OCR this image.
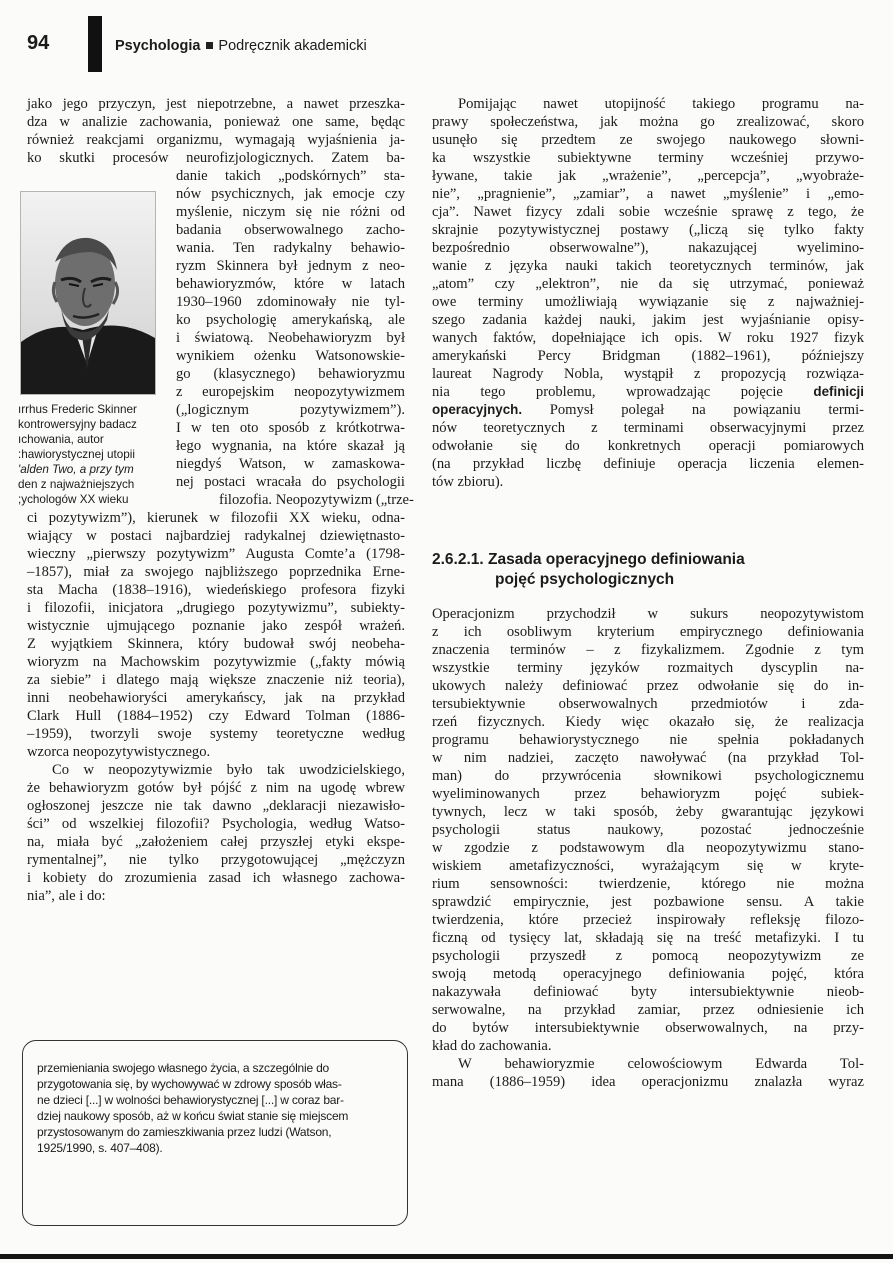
94	Psychologia Podręcznik akademicki
ırrhus Frederic Skinner
kontrowersyjny badacz
ıchowania, autor
:hawiorystycznej utopii
'alden Two, a przy tym
den z najważniejszych
;ychologów XX wieku
jako jego przyczyn, jest niepotrzebne, a nawet przeszka-
dza w analizie zachowania, ponieważ one same, będąc
również reakcjami organizmu, wymagają wyjaśnienia ja-
ko skutki procesów neurofizjologicznych. Zatem ba-
danie takich „podskórnych” sta-
nów psychicznych, jak emocje czy
myślenie, niczym się nie różni od
badania obserwowalnego zacho-
wania. Ten radykalny behawio-
ryzm Skinnera był jednym z neo-
behawioryzmów, które w latach
1930–1960 zdominowały nie tyl-
ko psychologię amerykańską, ale
i światową. Neobehawioryzm był
wynikiem ożenku Watsonowskie-
go (klasycznego) behawioryzmu
z europejskim neopozytywizmem
(„logicznym pozytywizmem”).
I w ten oto sposób z krótkotrwa-
łego wygnania, na które skazał ją
niegdyś Watson, w zamaskowa-
nej postaci wracała do psychologii
filozofia. Neopozytywizm („trze-
ci pozytywizm”), kierunek w filozofii XX wieku, odna-
wiający w postaci najbardziej radykalnej dziewiętnasto-
wieczny „pierwszy pozytywizm” Augusta Comte’a (1798-
–1857), miał za swojego najbliższego poprzednika Erne-
sta Macha (1838–1916), wiedeńskiego profesora fizyki
i filozofii, inicjatora „drugiego pozytywizmu”, subiekty-
wistycznie ujmującego poznanie jako zespół wrażeń.
Z wyjątkiem Skinnera, który budował swój neobeha-
wioryzm na Machowskim pozytywizmie („fakty mówią
za siebie” i dlatego mają większe znaczenie niż teoria),
inni neobehawioryści amerykańscy, jak na przykład
Clark Hull (1884–1952) czy Edward Tolman (1886-
–1959), tworzyli swoje systemy teoretyczne według
wzorca neopozytywistycznego.
Co w neopozytywizmie było tak uwodzicielskiego,
że behawioryzm gotów był pójść z nim na ugodę wbrew
ogłoszonej jeszcze nie tak dawno „deklaracji niezawisło-
ści” od wszelkiej filozofii? Psychologia, według Watso-
na, miała być „założeniem całej przyszłej etyki ekspe-
rymentalnej”, nie tylko przygotowującej „mężczyzn
i kobiety do zrozumienia zasad ich własnego zachowa-
nia”, ale i do:
przemieniania swojego własnego życia, a szczególnie do
przygotowania się, by wychowywać w zdrowy sposób włas-
ne dzieci [...] w wolności behawiorystycznej [...] w coraz bar-
dziej naukowy sposób, aż w końcu świat stanie się miejscem
przystosowanym do zamieszkiwania przez ludzi (Watson,
1925/1990, s. 407–408).
Pomijając nawet utopijność takiego programu na-
prawy społeczeństwa, jak można go zrealizować, skoro
usunęło się przedtem ze swojego naukowego słowni-
ka wszystkie subiektywne terminy wcześniej przywo-
ływane, takie jak „wrażenie”, „percepcja”, „wyobraże-
nie”, „pragnienie”, „zamiar”, a nawet „myślenie” i „emo-
cja”. Nawet fizycy zdali sobie wcześnie sprawę z tego, że
skrajnie pozytywistycznej postawy („liczą się tylko fakty
bezpośrednio obserwowalne”), nakazującej wyelimino-
wanie z języka nauki takich teoretycznych terminów, jak
„atom” czy „elektron”, nie da się utrzymać, ponieważ
owe terminy umożliwiają wywiązanie się z najważniej-
szego zadania każdej nauki, jakim jest wyjaśnianie opisy-
wanych faktów, dopełniające ich opis. W roku 1927 fizyk
amerykański Percy Bridgman (1882–1961), późniejszy
laureat Nagrody Nobla, wystąpił z propozycją rozwiąza-
nia tego problemu, wprowadzając pojęcie definicji
operacyjnych. Pomysł polegał na powiązaniu termi-
nów teoretycznych z terminami obserwacyjnymi przez
odwołanie się do konkretnych operacji pomiarowych
(na przykład liczbę definiuje operacja liczenia elemen-
tów zbioru).
2.6.2.1. Zasada operacyjnego definiowania
pojęć psychologicznych
Operacjonizm przychodził w sukurs neopozytywistom
z ich osobliwym kryterium empirycznego definiowania
znaczenia terminów – z fizykalizmem. Zgodnie z tym
wszystkie terminy języków rozmaitych dyscyplin na-
ukowych należy definiować przez odwołanie się do in-
tersubiektywnie obserwowalnych przedmiotów i zda-
rzeń fizycznych. Kiedy więc okazało się, że realizacja
programu behawiorystycznego nie spełnia pokładanych
w nim nadziei, zaczęto nawoływać (na przykład Tol-
man) do przywrócenia słownikowi psychologicznemu
wyeliminowanych przez behawioryzm pojęć subiek-
tywnych, lecz w taki sposób, żeby gwarantując językowi
psychologii status naukowy, pozostać jednocześnie
w zgodzie z podstawowym dla neopozytywizmu stano-
wiskiem ametafizyczności, wyrażającym się w kryte-
rium sensowności: twierdzenie, którego nie można
sprawdzić empirycznie, jest pozbawione sensu. A takie
twierdzenia, które przecież inspirowały refleksję filozo-
ficzną od tysięcy lat, składają się na treść metafizyki. I tu
psychologii przyszedł z pomocą neopozytywizm ze
swoją metodą operacyjnego definiowania pojęć, która
nakazywała definiować byty intersubiektywnie nieob-
serwowalne, na przykład zamiar, przez odniesienie ich
do bytów intersubiektywnie obserwowalnych, na przy-
kład do zachowania.
W behawioryzmie celowościowym Edwarda Tol-
mana (1886–1959) idea operacjonizmu znalazła wyraz
